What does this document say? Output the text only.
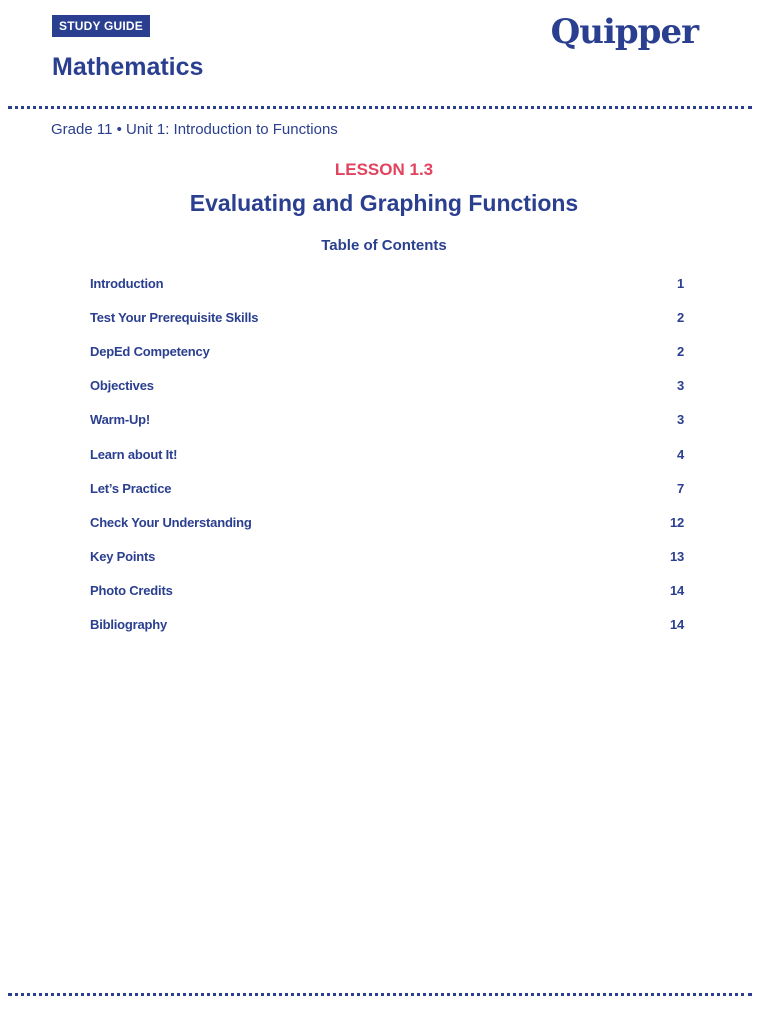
STUDY GUIDE
Mathematics
Quipper
Grade 11 • Unit 1: Introduction to Functions
LESSON 1.3
Evaluating and Graphing Functions
Table of Contents
Introduction	1
Test Your Prerequisite Skills	2
DepEd Competency	2
Objectives	3
Warm-Up!	3
Learn about It!	4
Let’s Practice	7
Check Your Understanding	12
Key Points	13
Photo Credits	14
Bibliography	14
